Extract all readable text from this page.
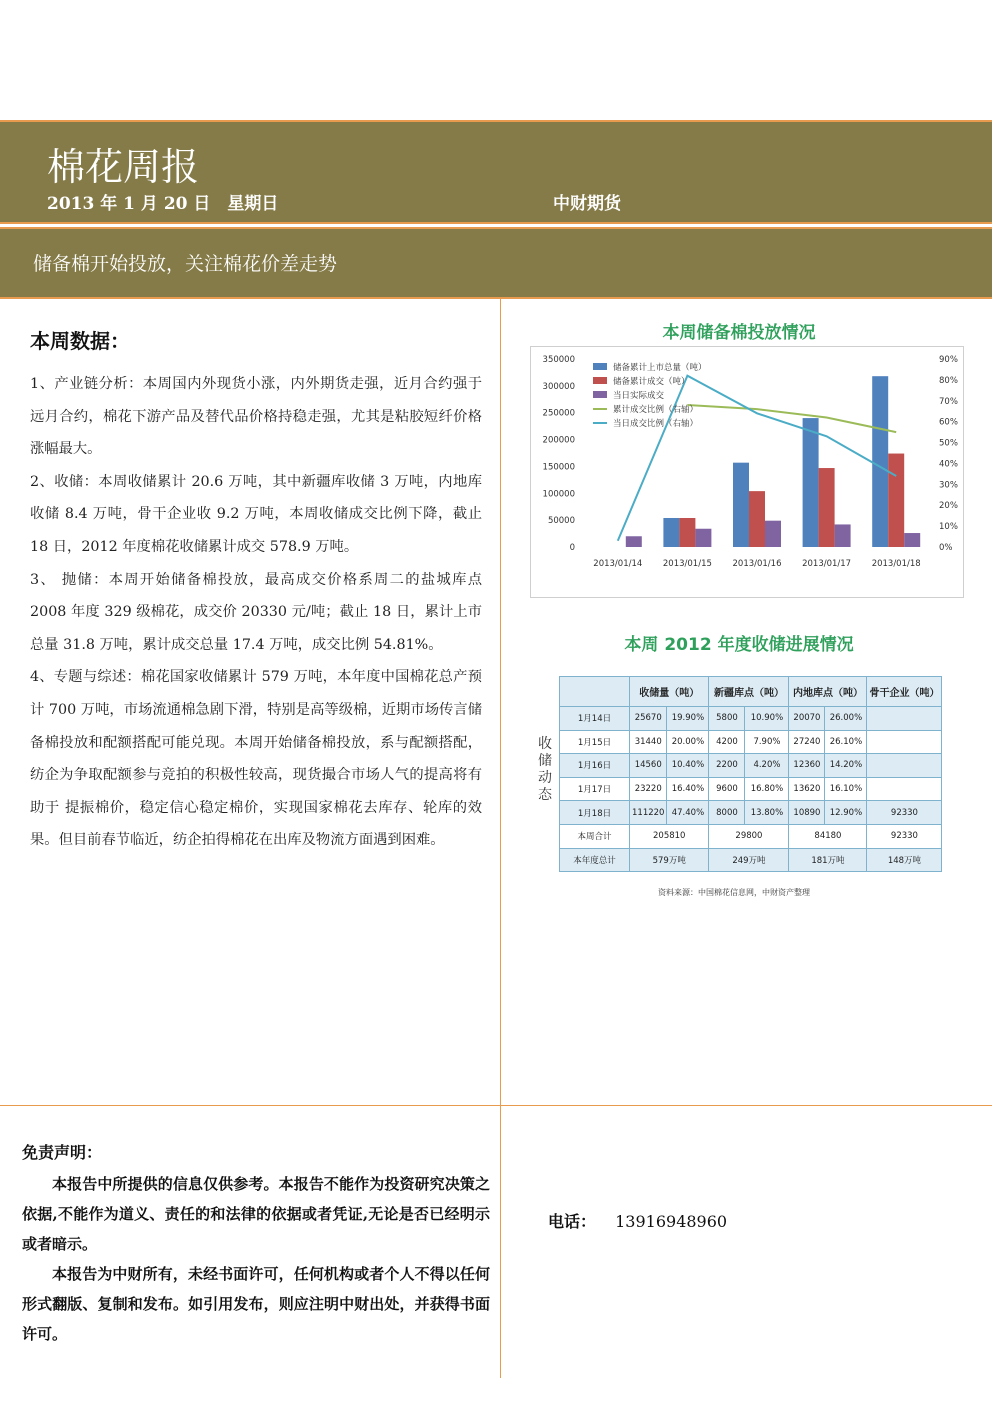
棉花周报
2013 年 1 月 20 日　星期日	中财期货
储备棉开始投放，关注棉花价差走势
本周数据：

1、产业链分析：本周国内外现货小涨，内外期货走强，近月合约强于远月合约，棉花下游产品及替代品价格持稳走强，尤其是粘胶短纤价格涨幅最大。

2、收储：本周收储累计 20.6 万吨，其中新疆库收储 3 万吨，内地库收储 8.4 万吨，骨干企业收 9.2 万吨，本周收储成交比例下降，截止 18 日，2012 年度棉花收储累计成交 578.9 万吨。

3、 抛储：本周开始储备棉投放，最高成交价格系周二的盐城库点 2008 年度 329 级棉花，成交价 20330 元/吨；截止 18 日，累计上市总量 31.8 万吨，累计成交总量 17.4 万吨，成交比例 54.81%。

4、专题与综述：棉花国家收储累计 579 万吨，本年度中国棉花总产预计 700 万吨，市场流通棉急剧下滑，特别是高等级棉，近期市场传言储备棉投放和配额搭配可能兑现。本周开始储备棉投放，系与配额搭配，纺企为争取配额参与竞拍的积极性较高，现货撮合市场人气的提高将有助于 提振棉价，稳定信心稳定棉价，实现国家棉花去库存、轮库的效果。但目前春节临近，纺企拍得棉花在出库及物流方面遇到困难。

本周储备棉投放情况
0
50000
100000
150000
200000
250000
300000
350000
0%
10%
20%
30%
40%
50%
60%
70%
80%
90%
2013/01/14 2013/01/15 2013/01/16 2013/01/17 2013/01/18
储备累计上市总量（吨）
储备累计成交（吨）
当日实际成交
累计成交比例（右轴）
当日成交比例（右轴）
本周 2012 年度收储进展情况
收
储
动
态
	收储量（吨）		新疆库点（吨）		内地库点（吨）		骨干企业（吨）
1月14日	25670	19.90%	5800	10.90%	20070	26.00%	
1月15日	31440	20.00%	4200	7.90%	27240	26.10%	
1月16日	14560	10.40%	2200	4.20%	12360	14.20%	
1月17日	23220	16.40%	9600	16.80%	13620	16.10%	
1月18日	111220	47.40%	8000	13.80%	10890	12.90%	92330
本周合计	205810		29800		84180		92330
本年度总计	579万吨		249万吨		181万吨		148万吨
资料来源：中国棉花信息网，中财资产整理
免责声明：

本报告中所提供的信息仅供参考。本报告不能作为投资研究决策之依据,不能作为道义、责任的和法律的依据或者凭证,无论是否已经明示或者暗示。

本报告为中财所有，未经书面许可，任何机构或者个人不得以任何形式翻版、复制和发布。如引用发布，则应注明中财出处，并获得书面许可。

电话： 13916948960
